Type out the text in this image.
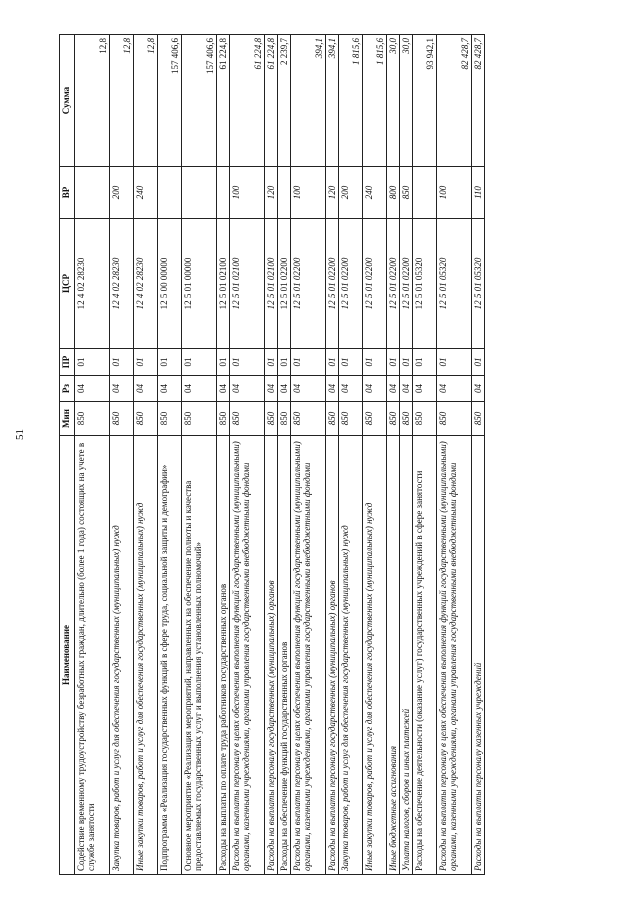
51
Наименование	Мин	Рз	ПР	ЦСР	ВР	Сумма
Содействие временному трудоустройству безработных граждан, длительно (более 1 года) состоящих на учете в службе занятости	850	04	01	12 4 02 28230		12,8
Закупка товаров, работ и услуг для обеспечения государственных (муниципальных) нужд	850	04	01	12 4 02 28230	200	12,8
Иные закупки товаров, работ и услуг для обеспечения государственных (муниципальных) нужд	850	04	01	12 4 02 28230	240	12,8
Подпрограмма «Реализация государственных функций в сфере труда, социальной защиты и демографии»	850	04	01	12 5 00 00000		157 406,6
Основное мероприятие «Реализация мероприятий, направленных на обеспечение полноты и качества предоставляемых государственных услуг и выполнения установленных полномочий»	850	04	01	12 5 01 00000		157 406,6
Расходы на выплаты по оплате труда работников государственных органов	850	04	01	12 5 01 02100		61 224,8
Расходы на выплаты персоналу в целях обеспечения выполнения функций государственными (муниципальными) органами, казенными учреждениями, органами управления государственными внебюджетными фондами	850	04	01	12 5 01 02100	100	61 224,8
Расходы на выплаты персоналу государственных (муниципальных) органов	850	04	01	12 5 01 02100	120	61 224,8
Расходы на обеспечение функций государственных органов	850	04	01	12 5 01 02200		2 239,7
Расходы на выплаты персоналу в целях обеспечения выполнения функций государственными (муниципальными) органами, казенными учреждениями, органами управления государственными внебюджетными фондами	850	04	01	12 5 01 02200	100	394,1
Расходы на выплаты персоналу государственных (муниципальных) органов	850	04	01	12 5 01 02200	120	394,1
Закупка товаров, работ и услуг для обеспечения государственных (муниципальных) нужд	850	04	01	12 5 01 02200	200	1 815,6
Иные закупки товаров, работ и услуг для обеспечения государственных (муниципальных) нужд	850	04	01	12 5 01 02200	240	1 815,6
Иные бюджетные ассигнования	850	04	01	12 5 01 02200	800	30,0
Уплата налогов, сборов и иных платежей	850	04	01	12 5 01 02200	850	30,0
Расходы на обеспечение деятельности (оказание услуг) государственных учреждений в сфере занятости	850	04	01	12 5 01 05320		93 942,1
Расходы на выплаты персоналу в целях обеспечения выполнения функций государственными (муниципальными) органами, казенными учреждениями, органами управления государственными внебюджетными фондами	850	04	01	12 5 01 05320	100	82 428,7
Расходы на выплаты персоналу казенных учреждений	850	04	01	12 5 01 05320	110	82 428,7
